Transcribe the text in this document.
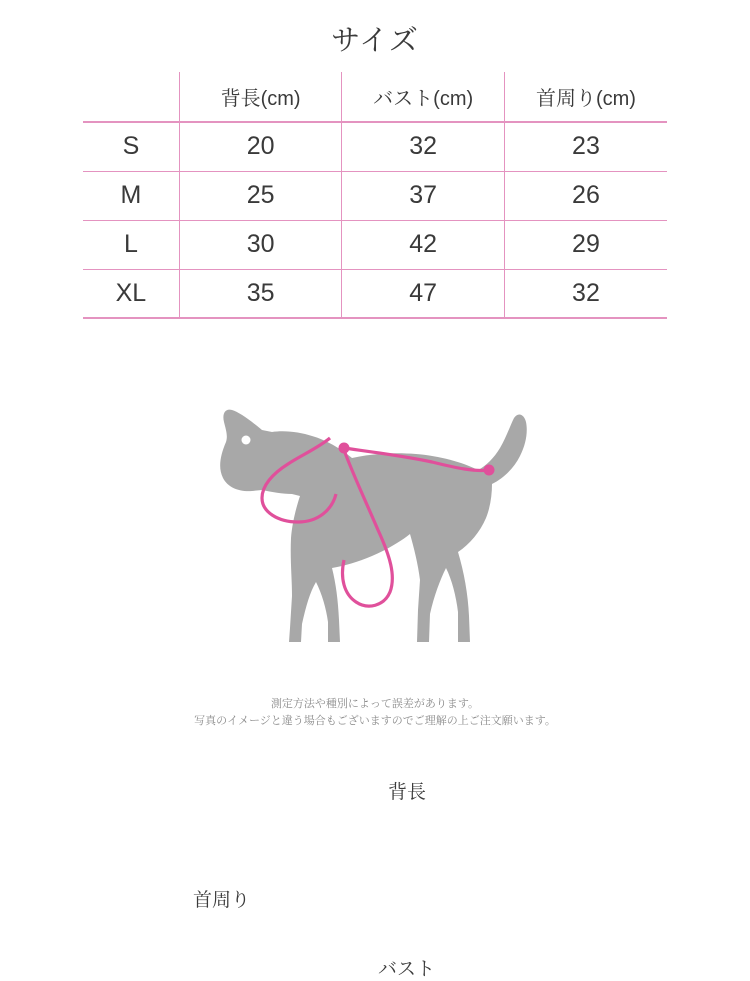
サイズ
	背長(cm)	バスト(cm)	首周り(cm)
S	20	32	23
M	25	37	26
L	30	42	29
XL	35	47	32
背長
首周り
バスト
測定方法や種別によって誤差があります。
写真のイメージと違う場合もございますのでご理解の上ご注文願います。
